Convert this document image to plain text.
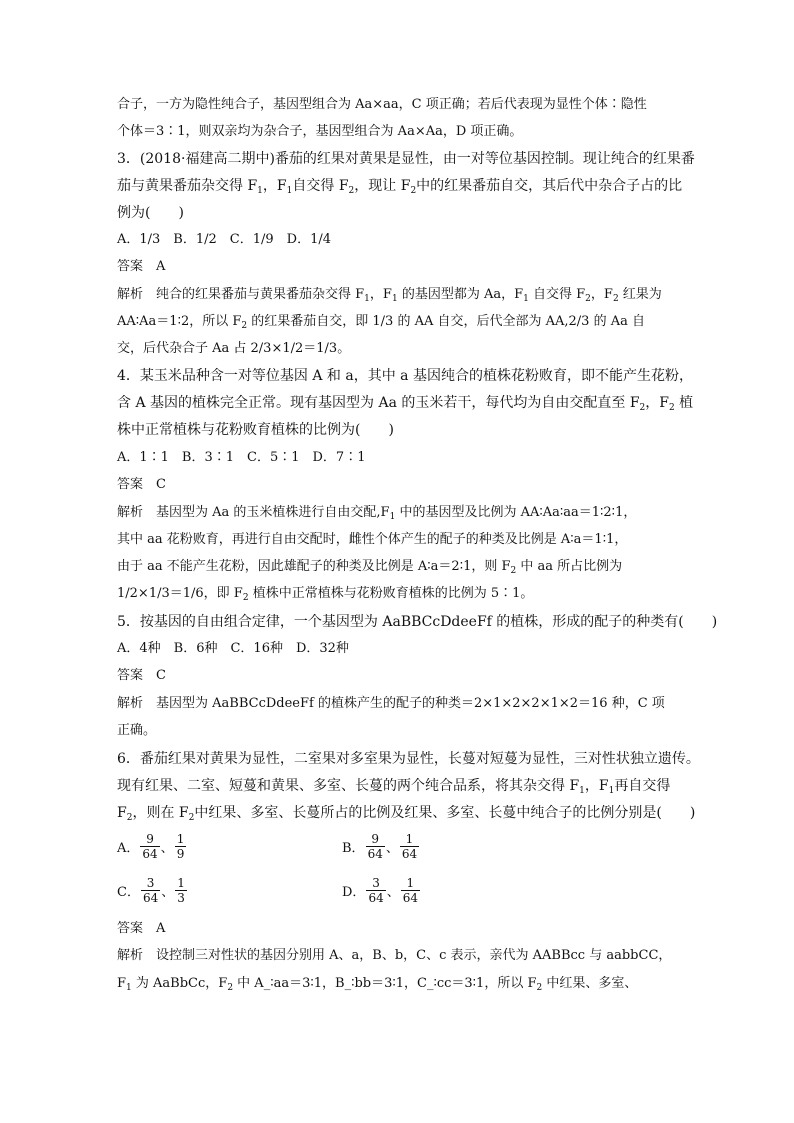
合子，一方为隐性纯合子，基因型组合为 Aa×aa，C 项正确；若后代表现为显性个体∶隐性
个体＝3∶1，则双亲均为杂合子，基因型组合为 Aa×Aa，D 项正确。
3．(2018·福建高二期中)番茄的红果对黄果是显性，由一对等位基因控制。现让纯合的红果番
茄与黄果番茄杂交得 $F_1$，$F_1$自交得 $F_2$，现让 $F_2$中的红果番茄自交，其后代中杂合子占的比
例为(　　)
A．1/3　B．1/2　C．1/9　D．1/4
答案　A
解析　纯合的红果番茄与黄果番茄杂交得 $F_1$，$F_1$ 的基因型都为 Aa，$F_1$ 自交得 $F_2$，$F_2$ 红果为
AA∶Aa＝1∶2，所以 $F_2$ 的红果番茄自交，即 1/3 的 AA 自交，后代全部为 AA,2/3 的 Aa 自
交，后代杂合子 Aa 占 2/3×1/2＝1/3。
4．某玉米品种含一对等位基因 A 和 a，其中 a 基因纯合的植株花粉败育，即不能产生花粉，
含 A 基因的植株完全正常。现有基因型为 Aa 的玉米若干，每代均为自由交配直至 $F_2$，$F_2$ 植
株中正常植株与花粉败育植株的比例为(　　)
A．1∶1　B．3∶1　C．5∶1　D．7∶1
答案　C
解析　基因型为 Aa 的玉米植株进行自由交配$,F_1$ 中的基因型及比例为 AA∶Aa∶aa＝1∶2∶1，
其中 aa 花粉败育，再进行自由交配时，雌性个体产生的配子的种类及比例是 A∶a＝1∶1，
由于 aa 不能产生花粉，因此雄配子的种类及比例是 A∶a＝2∶1，则 $F_2$ 中 aa 所占比例为
1/2×1/3＝1/6，即 $F_2$ 植株中正常植株与花粉败育植株的比例为 5∶1。
5．按基因的自由组合定律，一个基因型为 AaBBCcDdeeFf 的植株，形成的配子的种类有(　　)
A．4种　B．6种　C．16种　D．32种
答案　C
解析　基因型为 AaBBCcDdeeFf 的植株产生的配子的种类＝2×1×2×2×1×2＝16 种，C 项
正确。
6．番茄红果对黄果为显性，二室果对多室果为显性，长蔓对短蔓为显性，三对性状独立遗传。
现有红果、二室、短蔓和黄果、多室、长蔓的两个纯合品系，将其杂交得 $F_1$，$F_1$再自交得
$F_2$，则在 $F_2$中红果、多室、长蔓所占的比例及红果、多室、长蔓中纯合子的比例分别是(　　)
A． $\frac{9}{64}$ 、 $\frac{1}{9}$	B． $\frac{9}{64}$ 、 $\frac{1}{64}$
C． $\frac{3}{64}$ 、 $\frac{1}{3}$	D． $\frac{3}{64}$ 、 $\frac{1}{64}$
答案　A
解析　设控制三对性状的基因分别用 A、a，B、b，C、c 表示，亲代为 AABBcc 与 aabbCC，
$F_1$ 为 AaBbCc，$F_2$ 中 A_∶aa＝3∶1，B_∶bb＝3∶1，C_∶cc＝3∶1，所以 $F_2$ 中红果、多室、
